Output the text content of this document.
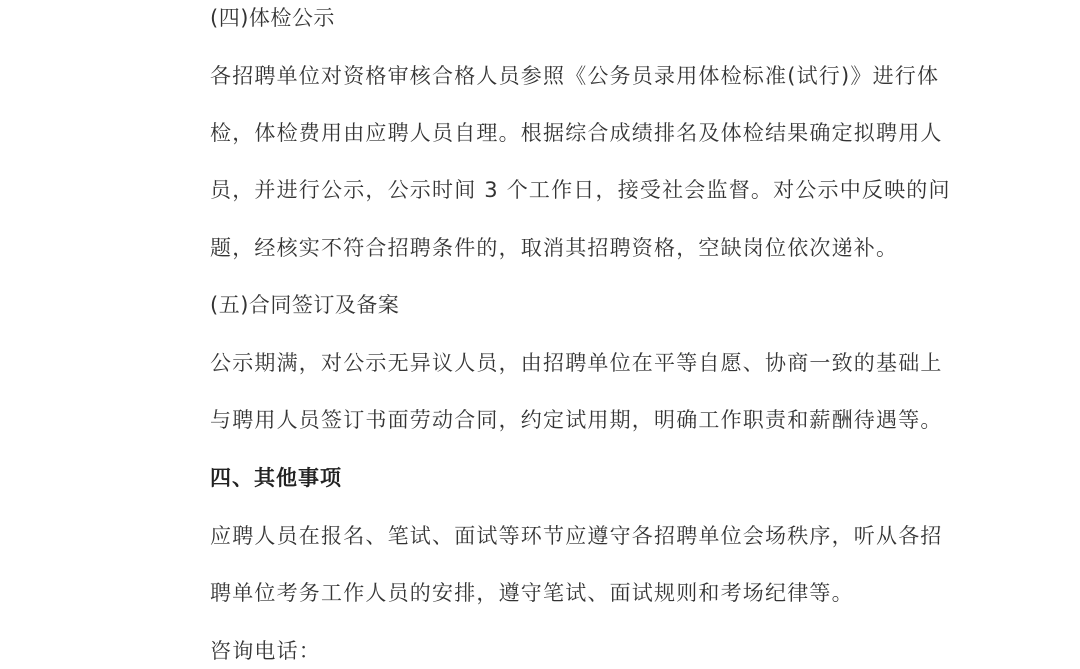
(四)体检公示
各招聘单位对资格审核合格人员参照《公务员录用体检标准(试行)》进行体
检，体检费用由应聘人员自理。根据综合成绩排名及体检结果确定拟聘用人
员，并进行公示，公示时间 3 个工作日，接受社会监督。对公示中反映的问
题，经核实不符合招聘条件的，取消其招聘资格，空缺岗位依次递补。
(五)合同签订及备案
公示期满，对公示无异议人员，由招聘单位在平等自愿、协商一致的基础上
与聘用人员签订书面劳动合同，约定试用期，明确工作职责和薪酬待遇等。
四、其他事项
应聘人员在报名、笔试、面试等环节应遵守各招聘单位会场秩序，听从各招
聘单位考务工作人员的安排，遵守笔试、面试规则和考场纪律等。
咨询电话：
